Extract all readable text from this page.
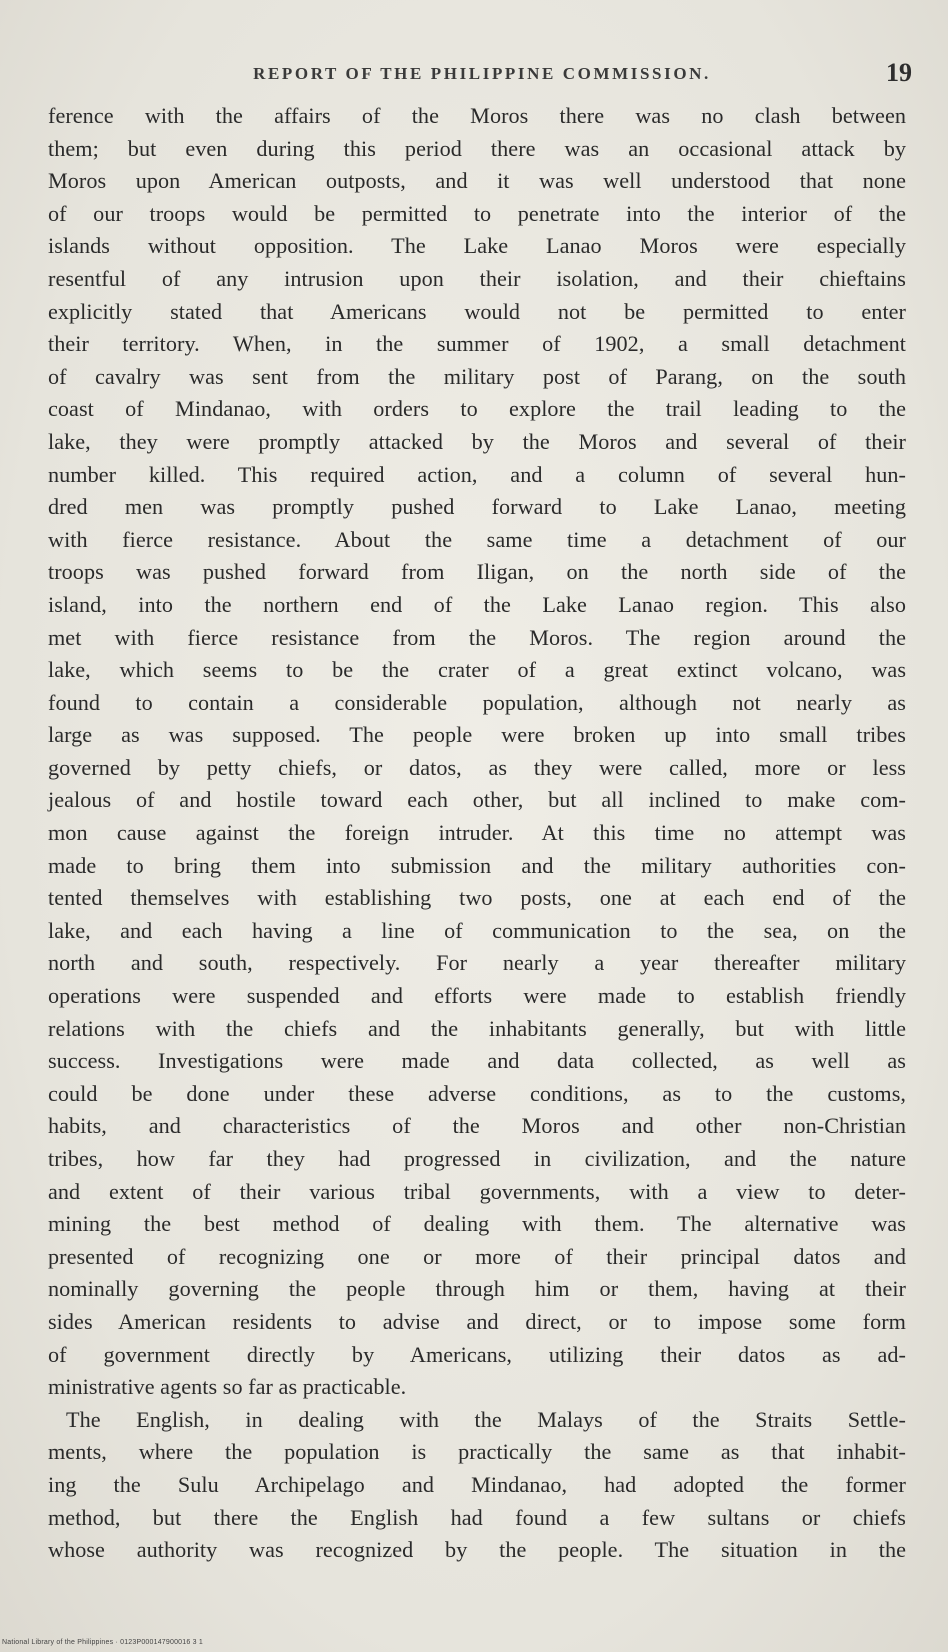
REPORT OF THE PHILIPPINE COMMISSION.	19
ference with the affairs of the Moros there was no clash between
them; but even during this period there was an occasional attack by
Moros upon American outposts, and it was well understood that none
of our troops would be permitted to penetrate into the interior of the
islands without opposition. The Lake Lanao Moros were especially
resentful of any intrusion upon their isolation, and their chieftains
explicitly stated that Americans would not be permitted to enter
their territory. When, in the summer of 1902, a small detachment
of cavalry was sent from the military post of Parang, on the south
coast of Mindanao, with orders to explore the trail leading to the
lake, they were promptly attacked by the Moros and several of their
number killed. This required action, and a column of several hun-
dred men was promptly pushed forward to Lake Lanao, meeting
with fierce resistance. About the same time a detachment of our
troops was pushed forward from Iligan, on the north side of the
island, into the northern end of the Lake Lanao region. This also
met with fierce resistance from the Moros. The region around the
lake, which seems to be the crater of a great extinct volcano, was
found to contain a considerable population, although not nearly as
large as was supposed. The people were broken up into small tribes
governed by petty chiefs, or datos, as they were called, more or less
jealous of and hostile toward each other, but all inclined to make com-
mon cause against the foreign intruder. At this time no attempt was
made to bring them into submission and the military authorities con-
tented themselves with establishing two posts, one at each end of the
lake, and each having a line of communication to the sea, on the
north and south, respectively. For nearly a year thereafter military
operations were suspended and efforts were made to establish friendly
relations with the chiefs and the inhabitants generally, but with little
success. Investigations were made and data collected, as well as
could be done under these adverse conditions, as to the customs,
habits, and characteristics of the Moros and other non-Christian
tribes, how far they had progressed in civilization, and the nature
and extent of their various tribal governments, with a view to deter-
mining the best method of dealing with them. The alternative was
presented of recognizing one or more of their principal datos and
nominally governing the people through him or them, having at their
sides American residents to advise and direct, or to impose some form
of government directly by Americans, utilizing their datos as ad-
ministrative agents so far as practicable.
The English, in dealing with the Malays of the Straits Settle-
ments, where the population is practically the same as that inhabit-
ing the Sulu Archipelago and Mindanao, had adopted the former
method, but there the English had found a few sultans or chiefs
whose authority was recognized by the people. The situation in the
National Library of the Philippines · 0123P000147900016 3 1
